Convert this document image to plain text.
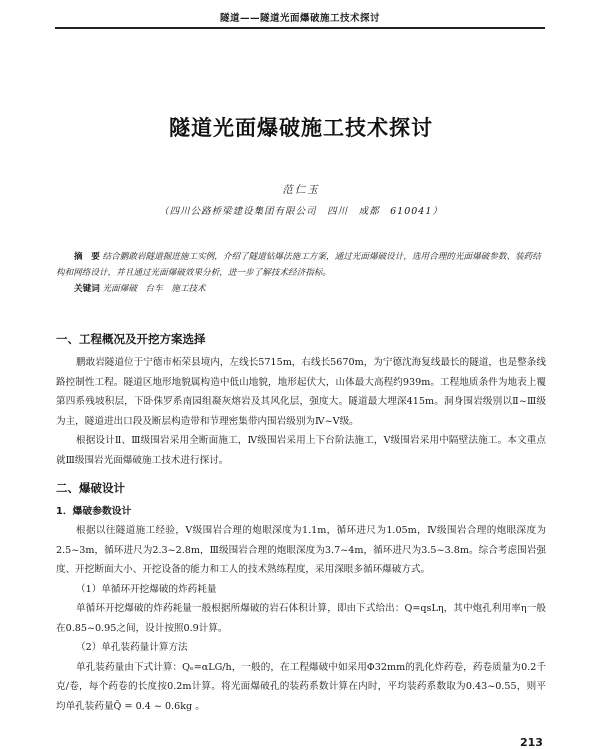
隧道——隧道光面爆破施工技术探讨
隧道光面爆破施工技术探讨
范仁玉
（四川公路桥梁建设集团有限公司　四川　成都　610041）
摘　要 结合鹏敢岩隧道掘进施工实例，介绍了隧道钻爆法施工方案，通过光面爆破设计，选用合理的光面爆破参数、装药结构和网络设计，并且通过光面爆破效果分析，进一步了解技术经济指标。
关键词 光面爆破　台车　施工技术
一、工程概况及开挖方案选择

鹏敢岩隧道位于宁德市柘荣县境内，左线长5715m，右线长5670m，为宁德沈海复线最长的隧道，也是整条线路控制性工程。隧道区地形地貌属构造中低山地貌，地形起伏大，山体最大高程约939m。工程地质条件为地表上覆第四系残坡积层，下卧侏罗系南园组凝灰熔岩及其风化层，强度大。隧道最大埋深415m。洞身围岩级别以Ⅱ~Ⅲ级为主，隧道进出口段及断层构造带和节理密集带内围岩级别为Ⅳ~Ⅴ级。

根据设计Ⅱ、Ⅲ级围岩采用全断面施工，Ⅳ级围岩采用上下台阶法施工，Ⅴ级围岩采用中隔壁法施工。本文重点就Ⅲ级围岩光面爆破施工技术进行探讨。

二、爆破设计
1．爆破参数设计

根据以往隧道施工经验，Ⅴ级围岩合理的炮眼深度为1.1m，循环进尺为1.05m，Ⅳ级围岩合理的炮眼深度为2.5~3m，循环进尺为2.3~2.8m，Ⅲ级围岩合理的炮眼深度为3.7~4m，循环进尺为3.5~3.8m。综合考虑围岩强度、开挖断面大小、开挖设备的能力和工人的技术熟练程度，采用深眼多循环爆破方式。

（1）单循环开挖爆破的炸药耗量

单循环开挖爆破的炸药耗量一般根据所爆破的岩石体积计算，即由下式给出：Q=qsLη，其中炮孔利用率η一般在0.85~0.95之间，设计按照0.9计算。

（2）单孔装药量计算方法

单孔装药量由下式计算：Qₑ=αLG/h，一般的，在工程爆破中如采用Φ32mm的乳化炸药卷，药卷质量为0.2千克/卷，每个药卷的长度按0.2m计算。将光面爆破孔的装药系数计算在内时，平均装药系数取为0.43~0.55，则平均单孔装药量Q̄ = 0.4 ~ 0.6kg 。

213
